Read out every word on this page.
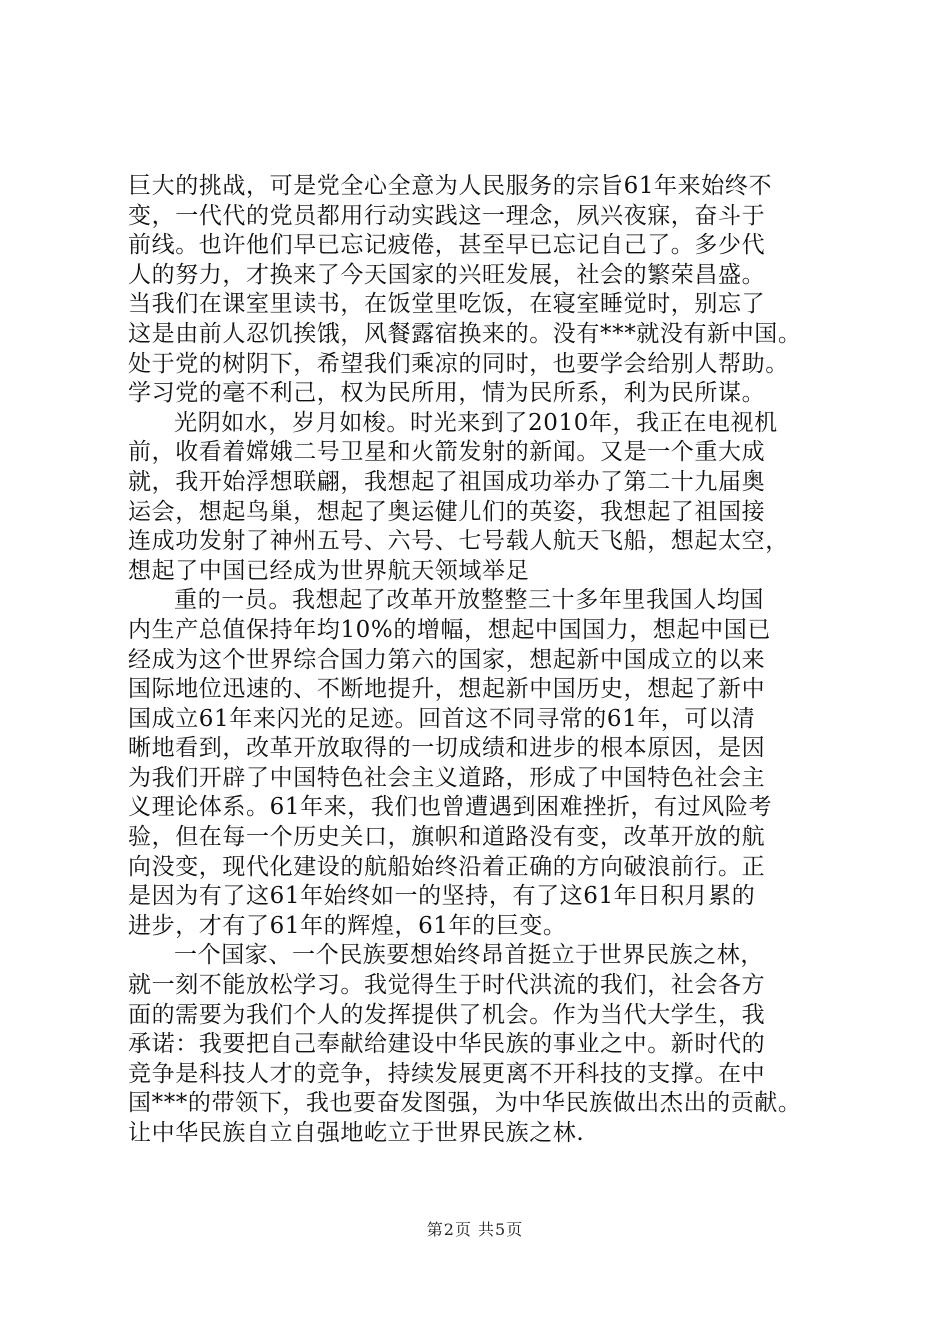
巨大的挑战，可是党全心全意为人民服务的宗旨61年来始终不
变，一代代的党员都用行动实践这一理念，夙兴夜寐，奋斗于
前线。也许他们早已忘记疲倦，甚至早已忘记自己了。多少代
人的努力，才换来了今天国家的兴旺发展，社会的繁荣昌盛。
当我们在课室里读书，在饭堂里吃饭，在寝室睡觉时，别忘了
这是由前人忍饥挨饿，风餐露宿换来的。没有***就没有新中国。
处于党的树阴下，希望我们乘凉的同时，也要学会给别人帮助。
学习党的毫不利己，权为民所用，情为民所系，利为民所谋。
光阴如水，岁月如梭。时光来到了2010年，我正在电视机
前，收看着嫦娥二号卫星和火箭发射的新闻。又是一个重大成
就，我开始浮想联翩，我想起了祖国成功举办了第二十九届奥
运会，想起鸟巢，想起了奥运健儿们的英姿，我想起了祖国接
连成功发射了神州五号、六号、七号载人航天飞船，想起太空，
想起了中国已经成为世界航天领域举足
重的一员。我想起了改革开放整整三十多年里我国人均国
内生产总值保持年均10%的增幅，想起中国国力，想起中国已
经成为这个世界综合国力第六的国家，想起新中国成立的以来
国际地位迅速的、不断地提升，想起新中国历史，想起了新中
国成立61年来闪光的足迹。回首这不同寻常的61年，可以清
晰地看到，改革开放取得的一切成绩和进步的根本原因，是因
为我们开辟了中国特色社会主义道路，形成了中国特色社会主
义理论体系。61年来，我们也曾遭遇到困难挫折，有过风险考
验，但在每一个历史关口，旗帜和道路没有变，改革开放的航
向没变，现代化建设的航船始终沿着正确的方向破浪前行。正
是因为有了这61年始终如一的坚持，有了这61年日积月累的
进步，才有了61年的辉煌，61年的巨变。
一个国家、一个民族要想始终昂首挺立于世界民族之林，
就一刻不能放松学习。我觉得生于时代洪流的我们，社会各方
面的需要为我们个人的发挥提供了机会。作为当代大学生，我
承诺：我要把自己奉献给建设中华民族的事业之中。新时代的
竞争是科技人才的竞争，持续发展更离不开科技的支撑。在中
国***的带领下，我也要奋发图强，为中华民族做出杰出的贡献。
让中华民族自立自强地屹立于世界民族之林.
第2页 共5页
